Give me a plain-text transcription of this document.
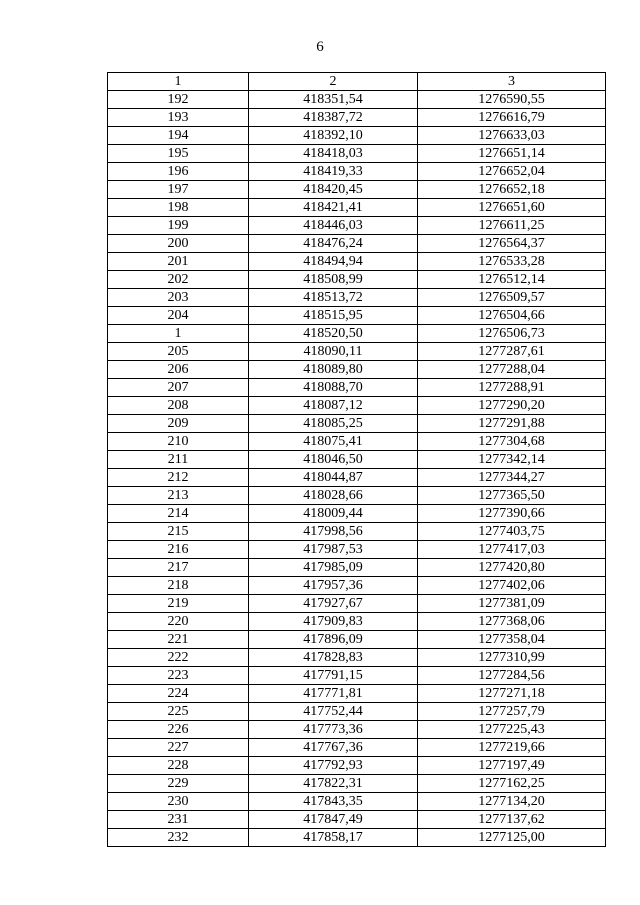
6
1	2	3
192	418351,54	1276590,55
193	418387,72	1276616,79
194	418392,10	1276633,03
195	418418,03	1276651,14
196	418419,33	1276652,04
197	418420,45	1276652,18
198	418421,41	1276651,60
199	418446,03	1276611,25
200	418476,24	1276564,37
201	418494,94	1276533,28
202	418508,99	1276512,14
203	418513,72	1276509,57
204	418515,95	1276504,66
1	418520,50	1276506,73
205	418090,11	1277287,61
206	418089,80	1277288,04
207	418088,70	1277288,91
208	418087,12	1277290,20
209	418085,25	1277291,88
210	418075,41	1277304,68
211	418046,50	1277342,14
212	418044,87	1277344,27
213	418028,66	1277365,50
214	418009,44	1277390,66
215	417998,56	1277403,75
216	417987,53	1277417,03
217	417985,09	1277420,80
218	417957,36	1277402,06
219	417927,67	1277381,09
220	417909,83	1277368,06
221	417896,09	1277358,04
222	417828,83	1277310,99
223	417791,15	1277284,56
224	417771,81	1277271,18
225	417752,44	1277257,79
226	417773,36	1277225,43
227	417767,36	1277219,66
228	417792,93	1277197,49
229	417822,31	1277162,25
230	417843,35	1277134,20
231	417847,49	1277137,62
232	417858,17	1277125,00
